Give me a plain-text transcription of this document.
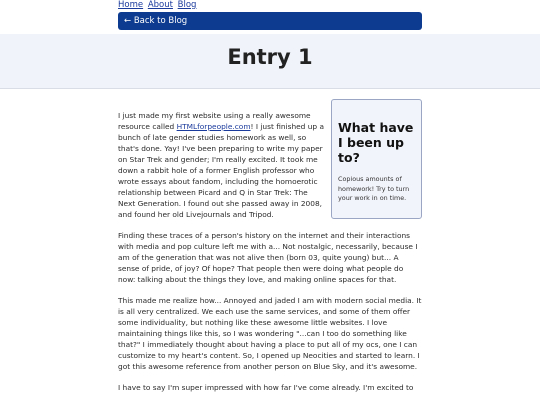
Home About Blog
← Back to Blog
Entry 1
What have I been up to?

Copious amounts of homework! Try to turn your work in on time.

I just made my first website using a really awesome resource called HTMLforpeople.com! I just finished up a bunch of late gender studies homework as well, so that's done. Yay! I've been preparing to write my paper on Star Trek and gender; I'm really excited. It took me down a rabbit hole of a former English professor who wrote essays about fandom, including the homoerotic relationship between Picard and Q in Star Trek: The Next Generation. I found out she passed away in 2008, and found her old Livejournals and Tripod.

Finding these traces of a person's history on the internet and their interactions with media and pop culture left me with a... Not nostalgic, necessarily, because I am of the generation that was not alive then (born 03, quite young) but... A sense of pride, of joy? Of hope? That people then were doing what people do now: talking about the things they love, and making online spaces for that.

This made me realize how... Annoyed and jaded I am with modern social media. It is all very centralized. We each use the same services, and some of them offer some individuality, but nothing like these awesome little websites. I love maintaining things like this, so I was wondering "...can I too do something like that?" I immediately thought about having a place to put all of my ocs, one I can customize to my heart's content. So, I opened up Neocities and started to learn. I got this awesome reference from another person on Blue Sky, and it's awesome.

I have to say I'm super impressed with how far I've come already. I'm excited to
